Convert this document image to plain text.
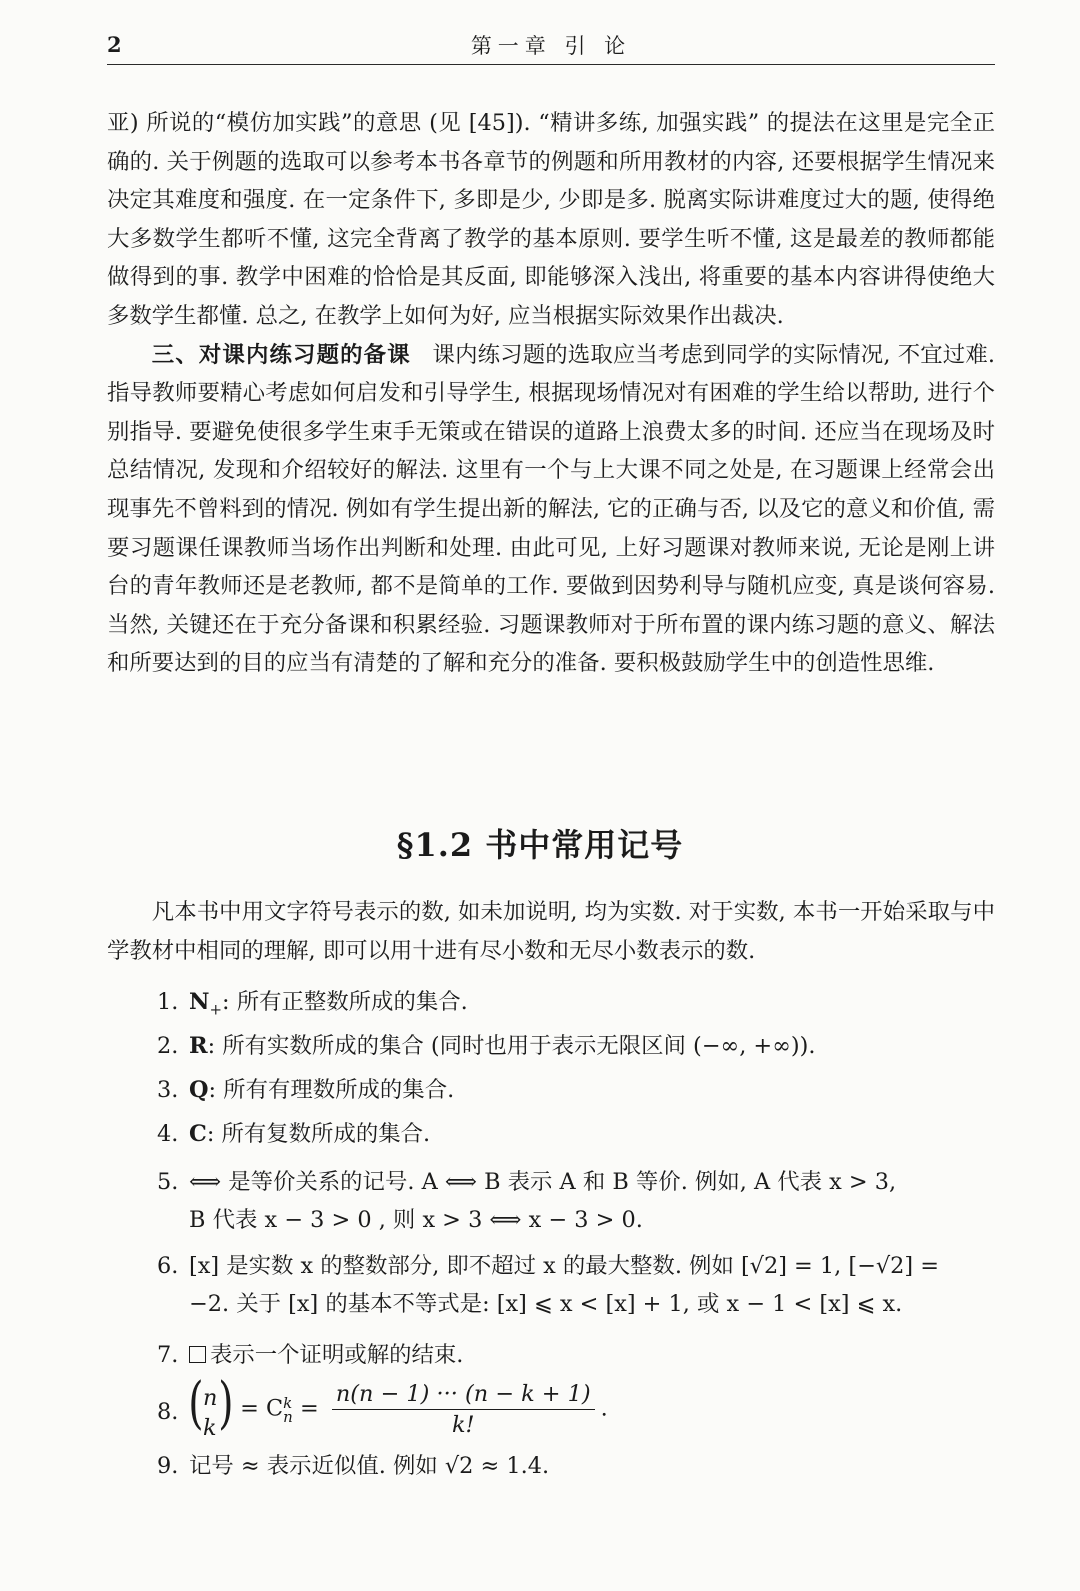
2	第一章 引 论

亚) 所说的“模仿加实践”的意思 (见 [45]). “精讲多练, 加强实践” 的提法在这里是完全正确的. 关于例题的选取可以参考本书各章节的例题和所用教材的内容, 还要根据学生情况来决定其难度和强度. 在一定条件下, 多即是少, 少即是多. 脱离实际讲难度过大的题, 使得绝大多数学生都听不懂, 这完全背离了教学的基本原则. 要学生听不懂, 这是最差的教师都能做得到的事. 教学中困难的恰恰是其反面, 即能够深入浅出, 将重要的基本内容讲得使绝大多数学生都懂. 总之, 在教学上如何为好, 应当根据实际效果作出裁决.

三、对课内练习题的备课 课内练习题的选取应当考虑到同学的实际情况, 不宜过难. 指导教师要精心考虑如何启发和引导学生, 根据现场情况对有困难的学生给以帮助, 进行个别指导. 要避免使很多学生束手无策或在错误的道路上浪费太多的时间. 还应当在现场及时总结情况, 发现和介绍较好的解法. 这里有一个与上大课不同之处是, 在习题课上经常会出现事先不曾料到的情况. 例如有学生提出新的解法, 它的正确与否, 以及它的意义和价值, 需要习题课任课教师当场作出判断和处理. 由此可见, 上好习题课对教师来说, 无论是刚上讲台的青年教师还是老教师, 都不是简单的工作. 要做到因势利导与随机应变, 真是谈何容易. 当然, 关键还在于充分备课和积累经验. 习题课教师对于所布置的课内练习题的意义、解法和所要达到的目的应当有清楚的了解和充分的准备. 要积极鼓励学生中的创造性思维.

§1.2 书中常用记号

凡本书中用文字符号表示的数, 如未加说明, 均为实数. 对于实数, 本书一开始采取与中学教材中相同的理解, 即可以用十进有尽小数和无尽小数表示的数.

1. $N_+$: 所有正整数所成的集合.
2. R: 所有实数所成的集合 (同时也用于表示无限区间 (−∞, +∞)).
3. Q: 所有有理数所成的集合.
4. C: 所有复数所成的集合.
5. ⟺ 是等价关系的记号. A ⟺ B 表示 A 和 B 等价. 例如, A 代表 x > 3,
B 代表 x − 3 > 0 , 则 x > 3 ⟺ x − 3 > 0.
6. [x] 是实数 x 的整数部分, 即不超过 x 的最大整数. 例如 [√2] = 1, [−√2] =
−2. 关于 [x] 的基本不等式是: [x] ⩽ x < [x] + 1, 或 x − 1 < [x] ⩽ x.
7.	表示一个证明或解的结束.
8. ( n
k ) = C k
$n = \frac{n(n - 1) \cdot\cdot\cdot (n - k + 1)}{k!}$ .
9. 记号 ≈ 表示近似值. 例如 √2 ≈ 1.4.
